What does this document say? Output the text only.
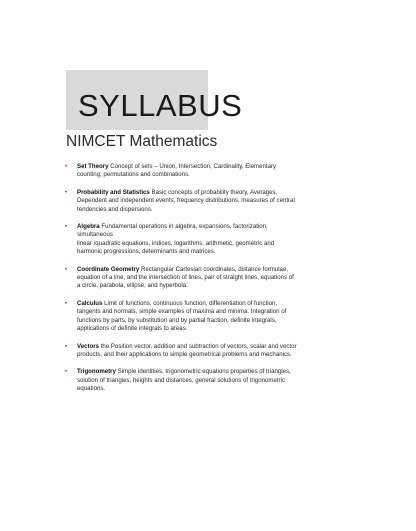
SYLLABUS
NIMCET Mathematics
• Set Theory Concept of sets – Union, Intersection, Cardinality, Elementary
counting; permutations and combinations.
• Probability and Statistics Basic concepts of probability theory, Averages,
Dependent and independent events, frequency distributions, measures of central
tendencies and dispersions.
• Algebra Fundamental operations in algebra, expansions, factorization,
simultaneous
linear /quadratic equations, indices, logarithms, arithmetic, geometric and
harmonic progressions, determinants and matrices.
• Coordinate Geometry Rectangular Cartesian coordinates, distance formulae,
equation of a line, and the intersection of lines, pair of straight lines, equations of
a circle, parabola, ellipse, and hyperbola.
• Calculus Limit of functions, continuous function, differentiation of function,
tangents and normals, simple examples of maxima and minima. Integration of
functions by parts, by substitution and by partial fraction, definite integrals,
applications of definite integrals to areas.
• Vectors the Position vector, addition and subtraction of vectors, scalar and vector
products, and their applications to simple geometrical problems and mechanics.
• Trigonometry Simple identities, trigonometric equations properties of triangles,
solution of triangles, heights and distances, general solutions of trigonometric
equations.
